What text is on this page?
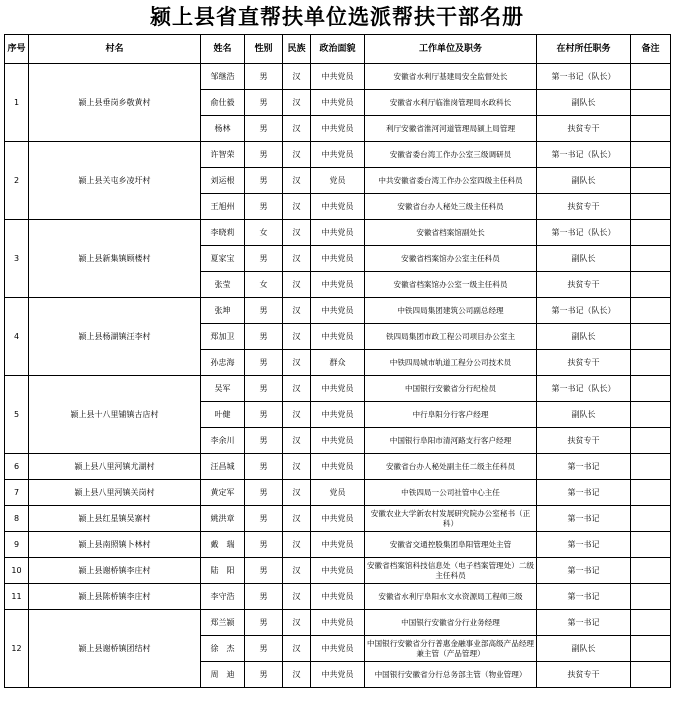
颍上县省直帮扶单位选派帮扶干部名册
序号	村名	姓名	性别	民族	政治面貌	工作单位及职务	在村所任职务	备注
1	颍上县垂岗乡敬黄村	邹继浩	男	汉	中共党员	安徽省水利厅基建局安全监督处长	第一书记（队长）	
		俞仕毅	男	汉	中共党员	安徽省水利厅临淮岗管理局水政科长	副队长	
		杨林	男	汉	中共党员	利厅安徽省淮河河道管理局颍上局管理	扶贫专干	
2	颍上县关屯乡凌圩村	许智荣	男	汉	中共党员	安徽省委台湾工作办公室三级调研员	第一书记（队长）	
		刘运根	男	汉	党员	中共安徽省委台湾工作办公室四级主任科员	副队长	
		王旭州	男	汉	中共党员	安徽省台办人秘处三级主任科员	扶贫专干	
3	颍上县新集镇顾楼村	李晓莉	女	汉	中共党员	安徽省档案馆副处长	第一书记（队长）	
		夏家宝	男	汉	中共党员	安徽省档案馆办公室主任科员	副队长	
		张莹	女	汉	中共党员	安徽省档案馆办公室一级主任科员	扶贫专干	
4	颍上县杨湖镇汪李村	张坤	男	汉	中共党员	中铁四局集团建筑公司副总经理	第一书记（队长）	
		郑加卫	男	汉	中共党员	铁四局集团市政工程公司项目办公室主	副队长	
		孙忠海	男	汉	群众	中铁四局城市轨道工程分公司技术员	扶贫专干	
5	颍上县十八里铺镇古店村	吴军	男	汉	中共党员	中国银行安徽省分行纪检员	第一书记（队长）	
		叶健	男	汉	中共党员	中行阜阳分行客户经理	副队长	
		李余川	男	汉	中共党员	中国银行阜阳市清河路支行客户经理	扶贫专干	
6	颍上县八里河镇尤湖村	汪昌城	男	汉	中共党员	安徽省台办人秘处副主任二级主任科员	第一书记	
7	颍上县八里河镇关岗村	黄定军	男	汉	党员	中铁四局一公司社管中心主任	第一书记	
8	颍上县红星镇吴寨村	姚洪章	男	汉	中共党员	安徽农业大学新农村发展研究院办公室秘书（正科）	第一书记	
9	颍上县南照镇卜林村	戴　瑞	男	汉	中共党员	安徽省交通控股集团阜阳管理处主管	第一书记	
10	颍上县谢桥镇李庄村	陆　阳	男	汉	中共党员	安徽省档案馆科技信息处（电子档案管理处）二级主任科员	第一书记	
11	颍上县陈桥镇李庄村	李守浩	男	汉	中共党员	安徽省水利厅阜阳水文水资源局工程师三级	第一书记	
12	颍上县谢桥镇团结村	郑兰颍	男	汉	中共党员	中国银行安徽省分行业务经理	第一书记	
		徐　杰	男	汉	中共党员	中国银行安徽省分行普惠金融事业部高级产品经理兼主管（产品管理）	副队长	
		周　迪	男	汉	中共党员	中国银行安徽省分行总务部主管（物业管理）	扶贫专干	
